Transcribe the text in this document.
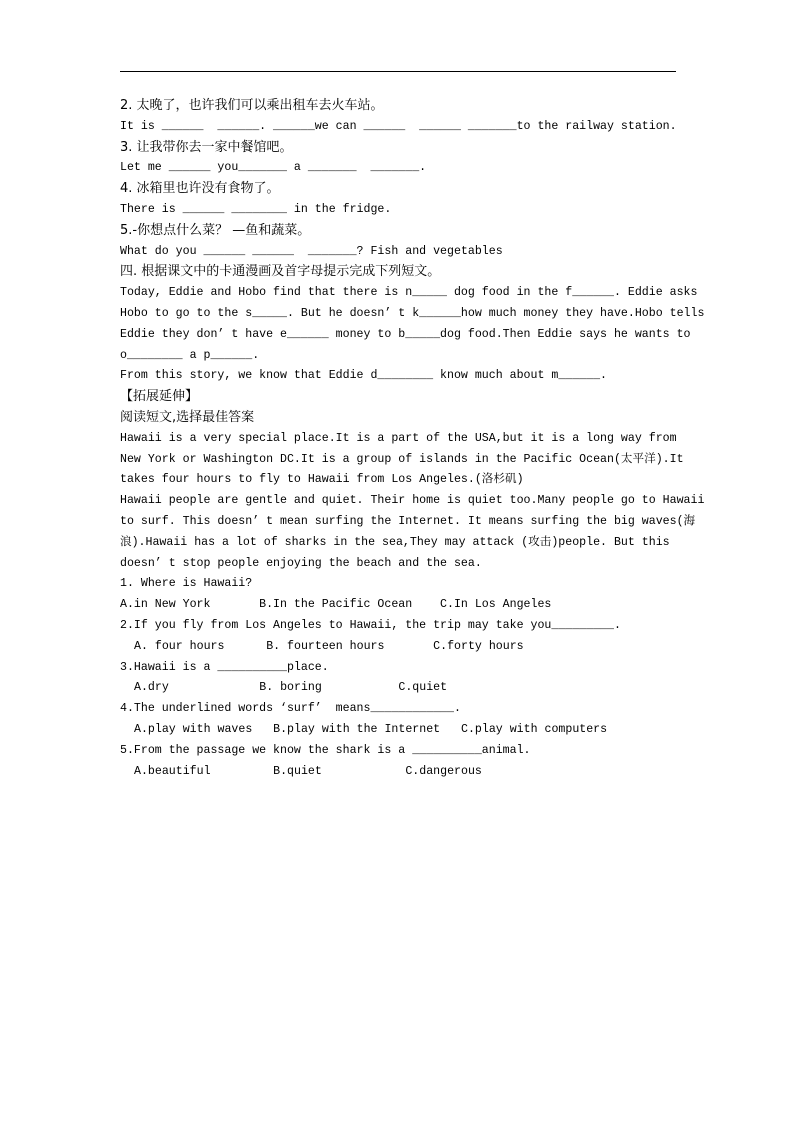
2. 太晚了，也许我们可以乘出租车去火车站。
It is ______  ______. ______we can ______  ______ _______to the railway station.
3. 让我带你去一家中餐馆吧。
Let me ______ you_______ a _______  _______.
4. 冰箱里也许没有食物了。
There is ______ ________ in the fridge.
5.-你想点什么菜？ —鱼和蔬菜。
What do you ______ ______  _______? Fish and vegetables
四. 根据课文中的卡通漫画及首字母提示完成下列短文。
Today, Eddie and Hobo find that there is n_____ dog food in the f______. Eddie asks
Hobo to go to the s_____. But he doesn’ t k______how much money they have.Hobo tells
Eddie they don’ t have e______ money to b_____dog food.Then Eddie says he wants to
o________ a p______.
From this story, we know that Eddie d________ know much about m______.
【拓展延伸】
阅读短文,选择最佳答案
Hawaii is a very special place.It is a part of the USA,but it is a long way from
New York or Washington DC.It is a group of islands in the Pacific Ocean(太平洋).It
takes four hours to fly to Hawaii from Los Angeles.(洛杉矶)
Hawaii people are gentle and quiet. Their home is quiet too.Many people go to Hawaii
to surf. This doesn’ t mean surfing the Internet. It means surfing the big waves(海
浪).Hawaii has a lot of sharks in the sea,They may attack (攻击)people. But this
doesn’ t stop people enjoying the beach and the sea.
1. Where is Hawaii?
A.in New York       B.In the Pacific Ocean    C.In Los Angeles
2.If you fly from Los Angeles to Hawaii, the trip may take you_________.
A. four hours      B. fourteen hours       C.forty hours
3.Hawaii is a __________place.
A.dry             B. boring           C.quiet
4.The underlined words ‘surf’  means____________.
A.play with waves   B.play with the Internet   C.play with computers
5.From the passage we know the shark is a __________animal.
A.beautiful         B.quiet            C.dangerous
